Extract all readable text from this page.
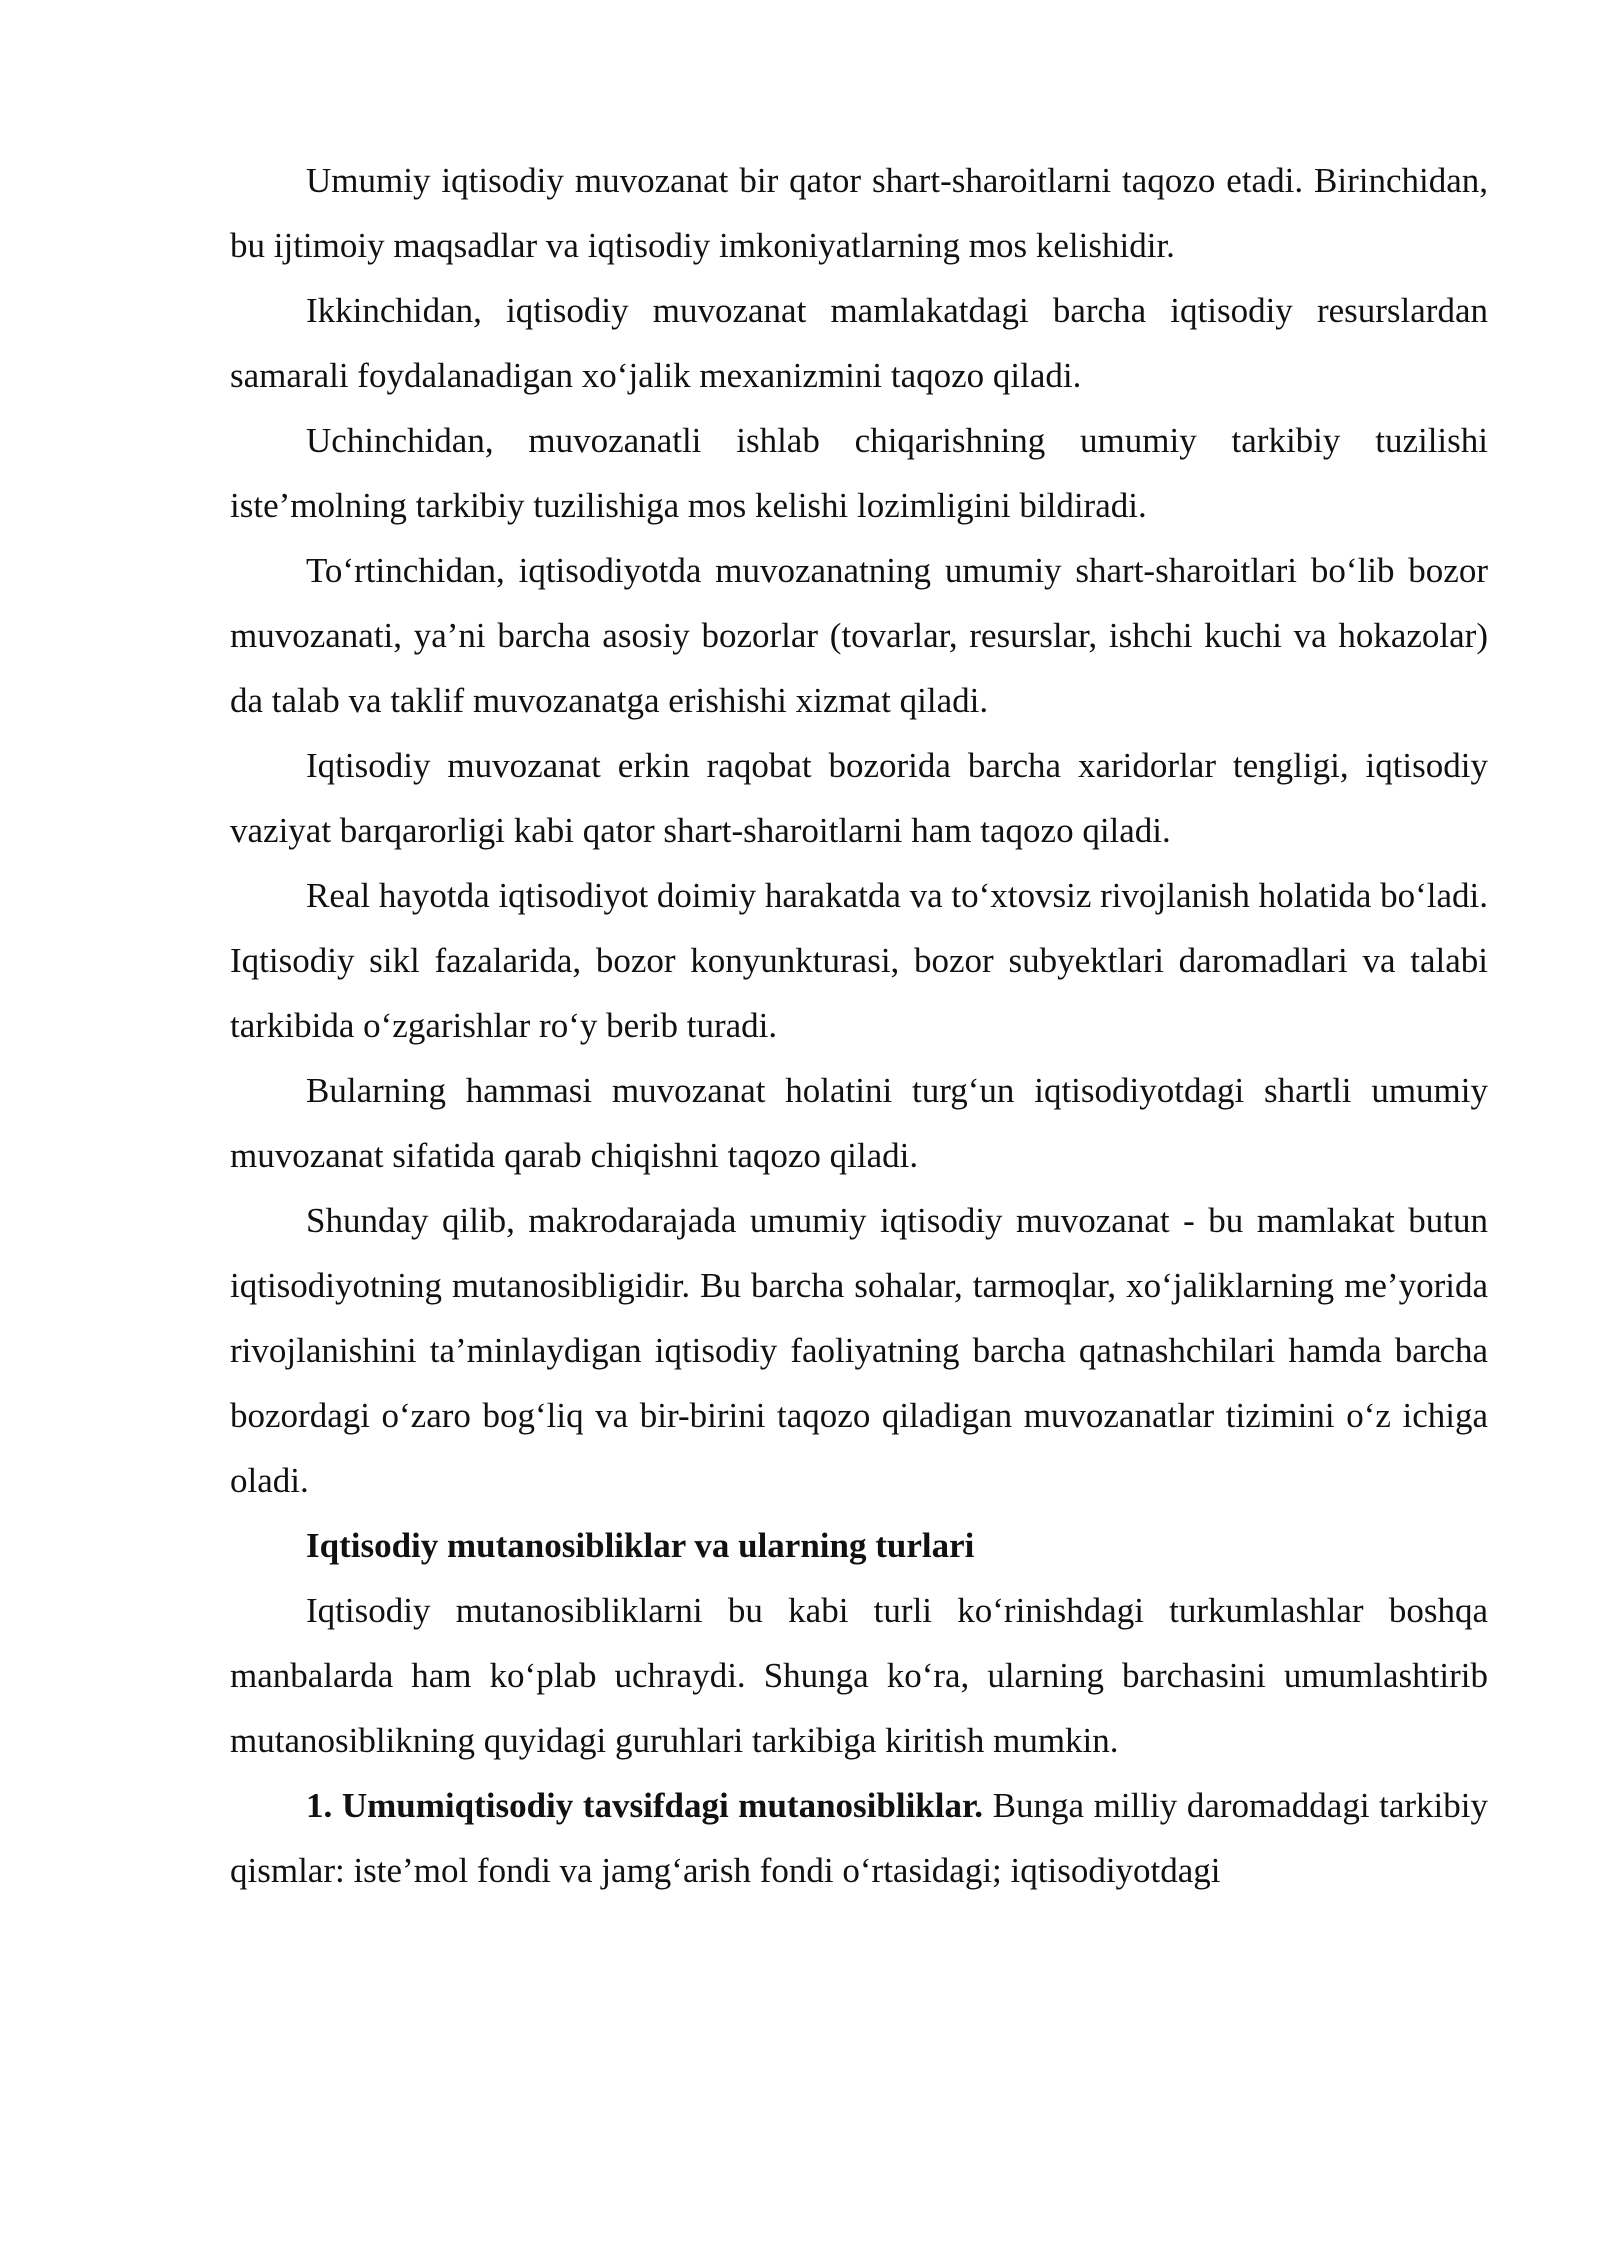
Umumiy iqtisodiy muvozanat bir qator shart-sharoitlarni taqozo etadi. Birinchidan, bu ijtimoiy maqsadlar va iqtisodiy imkoniyatlarning mos kelishidir.

Ikkinchidan, iqtisodiy muvozanat mamlakatdagi barcha iqtisodiy resurslardan samarali foydalanadigan xo‘jalik mexanizmini taqozo qiladi.

Uchinchidan, muvozanatli ishlab chiqarishning umumiy tarkibiy tuzilishi iste’molning tarkibiy tuzilishiga mos kelishi lozimligini bildiradi.

To‘rtinchidan, iqtisodiyotda muvozanatning umumiy shart-sharoitlari bo‘lib bozor muvozanati, ya’ni barcha asosiy bozorlar (tovarlar, resurslar, ishchi kuchi va hokazolar) da talab va taklif muvozanatga erishishi xizmat qiladi.

Iqtisodiy muvozanat erkin raqobat bozorida barcha xaridorlar tengligi, iqtisodiy vaziyat barqarorligi kabi qator shart-sharoitlarni ham taqozo qiladi.

Real hayotda iqtisodiyot doimiy harakatda va to‘xtovsiz rivojlanish holatida bo‘ladi. Iqtisodiy sikl fazalarida, bozor konyunkturasi, bozor subyektlari daromadlari va talabi tarkibida o‘zgarishlar ro‘y berib turadi.

Bularning hammasi muvozanat holatini turg‘un iqtisodiyotdagi shartli umumiy muvozanat sifatida qarab chiqishni taqozo qiladi.

Shunday qilib, makrodarajada umumiy iqtisodiy muvozanat - bu mamlakat butun iqtisodiyotning mutanosibligidir. Bu barcha sohalar, tarmoqlar, xo‘jaliklarning me’yorida rivojlanishini ta’minlaydigan iqtisodiy faoliyatning barcha qatnashchilari hamda barcha bozordagi o‘zaro bog‘liq va bir-birini taqozo qiladigan muvozanatlar tizimini o‘z ichiga oladi.

Iqtisodiy mutanosibliklar va ularning turlari

Iqtisodiy mutanosibliklarni bu kabi turli ko‘rinishdagi turkumlashlar boshqa manbalarda ham ko‘plab uchraydi. Shunga ko‘ra, ularning barchasini umumlashtirib mutanosiblikning quyidagi guruhlari tarkibiga kiritish mumkin.

1. Umumiqtisodiy tavsifdagi mutanosibliklar. Bunga milliy daromaddagi tarkibiy qismlar: iste’mol fondi va jamg‘arish fondi o‘rtasidagi; iqtisodiyotdagi
